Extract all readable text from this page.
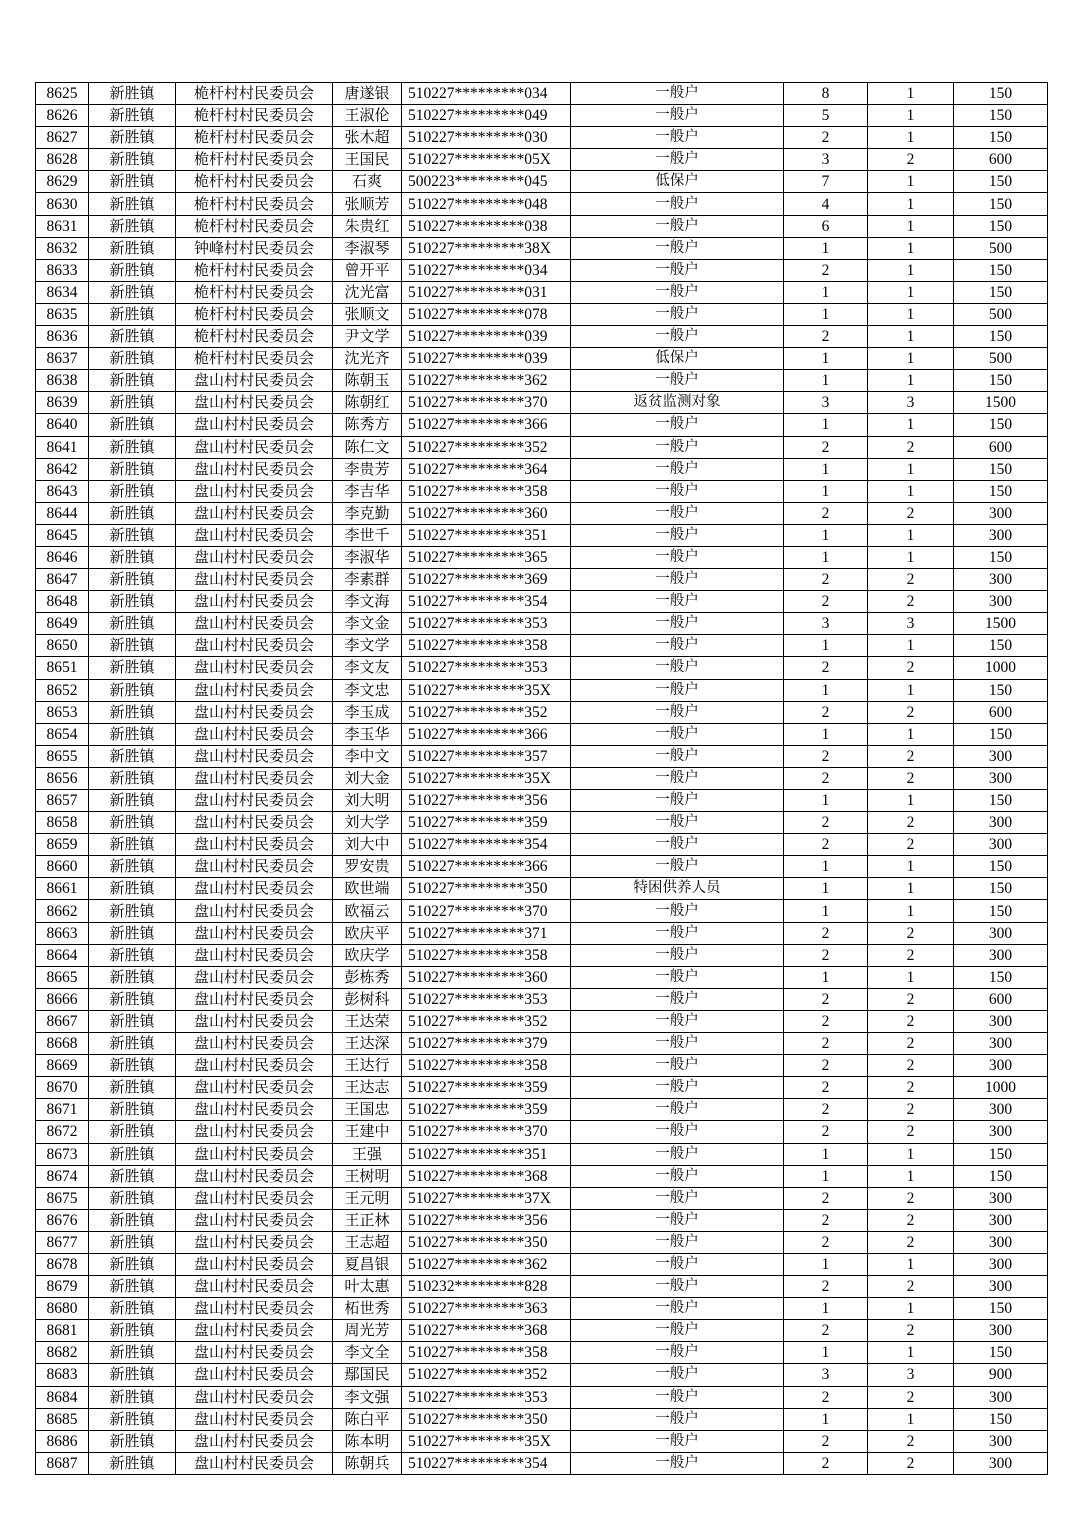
8625	新胜镇	桅杆村村民委员会	唐遂银	510227*********034	一般户	8	1	150
8626	新胜镇	桅杆村村民委员会	王淑伦	510227*********049	一般户	5	1	150
8627	新胜镇	桅杆村村民委员会	张木超	510227*********030	一般户	2	1	150
8628	新胜镇	桅杆村村民委员会	王国民	510227*********05X	一般户	3	2	600
8629	新胜镇	桅杆村村民委员会	石爽	500223*********045	低保户	7	1	150
8630	新胜镇	桅杆村村民委员会	张顺芳	510227*********048	一般户	4	1	150
8631	新胜镇	桅杆村村民委员会	朱贵红	510227*********038	一般户	6	1	150
8632	新胜镇	钟峰村村民委员会	李淑琴	510227*********38X	一般户	1	1	500
8633	新胜镇	桅杆村村民委员会	曾开平	510227*********034	一般户	2	1	150
8634	新胜镇	桅杆村村民委员会	沈光富	510227*********031	一般户	1	1	150
8635	新胜镇	桅杆村村民委员会	张顺文	510227*********078	一般户	1	1	500
8636	新胜镇	桅杆村村民委员会	尹文学	510227*********039	一般户	2	1	150
8637	新胜镇	桅杆村村民委员会	沈光齐	510227*********039	低保户	1	1	500
8638	新胜镇	盘山村村民委员会	陈朝玉	510227*********362	一般户	1	1	150
8639	新胜镇	盘山村村民委员会	陈朝红	510227*********370	返贫监测对象	3	3	1500
8640	新胜镇	盘山村村民委员会	陈秀方	510227*********366	一般户	1	1	150
8641	新胜镇	盘山村村民委员会	陈仁文	510227*********352	一般户	2	2	600
8642	新胜镇	盘山村村民委员会	李贵芳	510227*********364	一般户	1	1	150
8643	新胜镇	盘山村村民委员会	李吉华	510227*********358	一般户	1	1	150
8644	新胜镇	盘山村村民委员会	李克勤	510227*********360	一般户	2	2	300
8645	新胜镇	盘山村村民委员会	李世千	510227*********351	一般户	1	1	300
8646	新胜镇	盘山村村民委员会	李淑华	510227*********365	一般户	1	1	150
8647	新胜镇	盘山村村民委员会	李素群	510227*********369	一般户	2	2	300
8648	新胜镇	盘山村村民委员会	李文海	510227*********354	一般户	2	2	300
8649	新胜镇	盘山村村民委员会	李文金	510227*********353	一般户	3	3	1500
8650	新胜镇	盘山村村民委员会	李文学	510227*********358	一般户	1	1	150
8651	新胜镇	盘山村村民委员会	李文友	510227*********353	一般户	2	2	1000
8652	新胜镇	盘山村村民委员会	李文忠	510227*********35X	一般户	1	1	150
8653	新胜镇	盘山村村民委员会	李玉成	510227*********352	一般户	2	2	600
8654	新胜镇	盘山村村民委员会	李玉华	510227*********366	一般户	1	1	150
8655	新胜镇	盘山村村民委员会	李中文	510227*********357	一般户	2	2	300
8656	新胜镇	盘山村村民委员会	刘大金	510227*********35X	一般户	2	2	300
8657	新胜镇	盘山村村民委员会	刘大明	510227*********356	一般户	1	1	150
8658	新胜镇	盘山村村民委员会	刘大学	510227*********359	一般户	2	2	300
8659	新胜镇	盘山村村民委员会	刘大中	510227*********354	一般户	2	2	300
8660	新胜镇	盘山村村民委员会	罗安贵	510227*********366	一般户	1	1	150
8661	新胜镇	盘山村村民委员会	欧世端	510227*********350	特困供养人员	1	1	150
8662	新胜镇	盘山村村民委员会	欧福云	510227*********370	一般户	1	1	150
8663	新胜镇	盘山村村民委员会	欧庆平	510227*********371	一般户	2	2	300
8664	新胜镇	盘山村村民委员会	欧庆学	510227*********358	一般户	2	2	300
8665	新胜镇	盘山村村民委员会	彭栋秀	510227*********360	一般户	1	1	150
8666	新胜镇	盘山村村民委员会	彭树科	510227*********353	一般户	2	2	600
8667	新胜镇	盘山村村民委员会	王达荣	510227*********352	一般户	2	2	300
8668	新胜镇	盘山村村民委员会	王达深	510227*********379	一般户	2	2	300
8669	新胜镇	盘山村村民委员会	王达行	510227*********358	一般户	2	2	300
8670	新胜镇	盘山村村民委员会	王达志	510227*********359	一般户	2	2	1000
8671	新胜镇	盘山村村民委员会	王国忠	510227*********359	一般户	2	2	300
8672	新胜镇	盘山村村民委员会	王建中	510227*********370	一般户	2	2	300
8673	新胜镇	盘山村村民委员会	王强	510227*********351	一般户	1	1	150
8674	新胜镇	盘山村村民委员会	王树明	510227*********368	一般户	1	1	150
8675	新胜镇	盘山村村民委员会	王元明	510227*********37X	一般户	2	2	300
8676	新胜镇	盘山村村民委员会	王正林	510227*********356	一般户	2	2	300
8677	新胜镇	盘山村村民委员会	王志超	510227*********350	一般户	2	2	300
8678	新胜镇	盘山村村民委员会	夏昌银	510227*********362	一般户	1	1	300
8679	新胜镇	盘山村村民委员会	叶太惠	510232*********828	一般户	2	2	300
8680	新胜镇	盘山村村民委员会	柘世秀	510227*********363	一般户	1	1	150
8681	新胜镇	盘山村村民委员会	周光芳	510227*********368	一般户	2	2	300
8682	新胜镇	盘山村村民委员会	李文全	510227*********358	一般户	1	1	150
8683	新胜镇	盘山村村民委员会	鄢国民	510227*********352	一般户	3	3	900
8684	新胜镇	盘山村村民委员会	李文强	510227*********353	一般户	2	2	300
8685	新胜镇	盘山村村民委员会	陈白平	510227*********350	一般户	1	1	150
8686	新胜镇	盘山村村民委员会	陈本明	510227*********35X	一般户	2	2	300
8687	新胜镇	盘山村村民委员会	陈朝兵	510227*********354	一般户	2	2	300
